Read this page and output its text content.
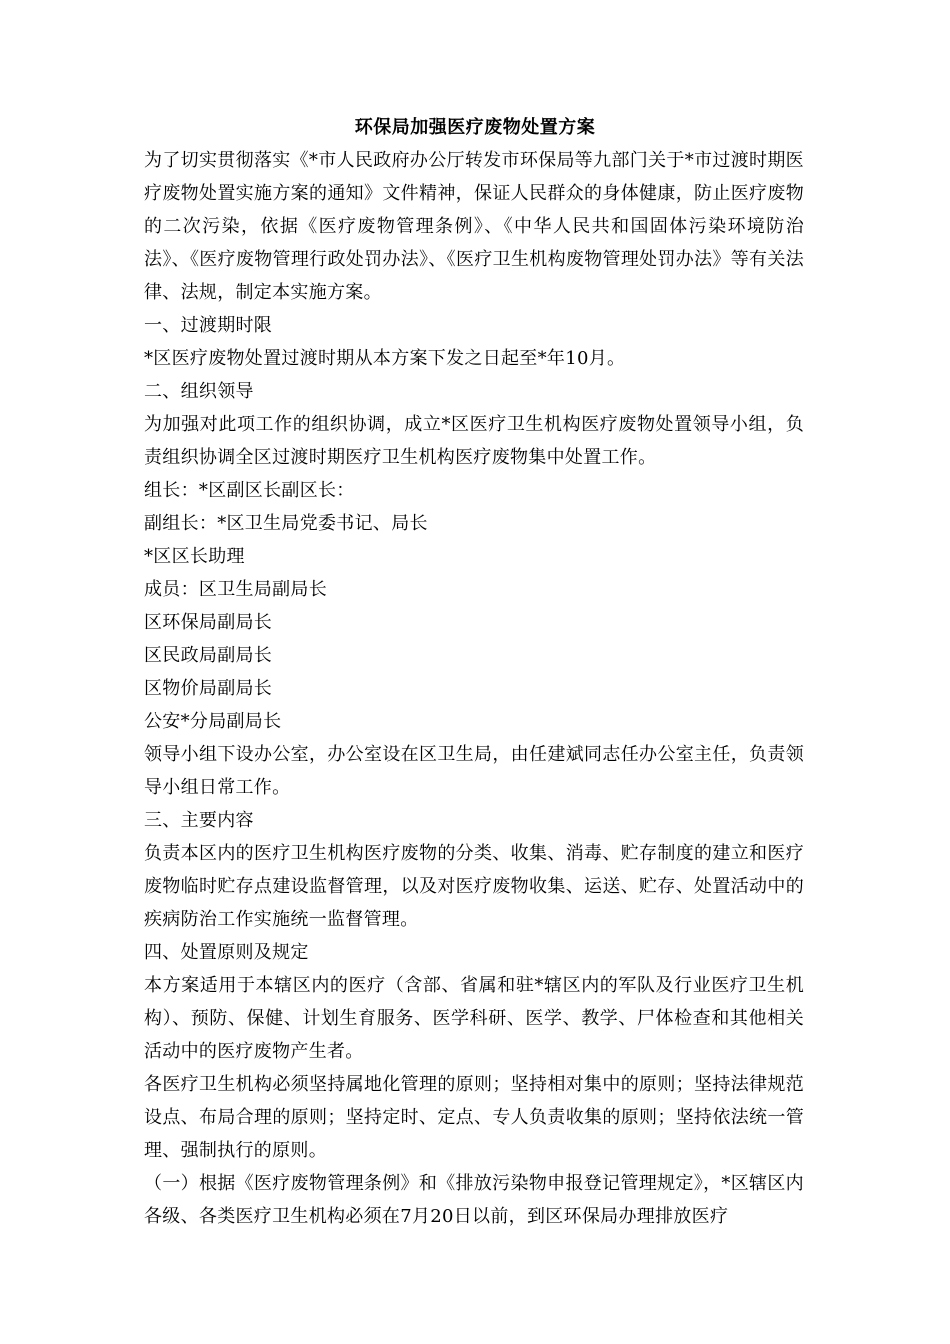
环保局加强医疗废物处置方案

为了切实贯彻落实《*市人民政府办公厅转发市环保局等九部门关于*市过渡时期医疗废物处置实施方案的通知》文件精神，保证人民群众的身体健康，防止医疗废物的二次污染，依据《医疗废物管理条例》、《中华人民共和国固体污染环境防治法》、《医疗废物管理行政处罚办法》、《医疗卫生机构废物管理处罚办法》等有关法律、法规，制定本实施方案。

一、过渡期时限

*区医疗废物处置过渡时期从本方案下发之日起至*年10月。

二、组织领导

为加强对此项工作的组织协调，成立*区医疗卫生机构医疗废物处置领导小组，负责组织协调全区过渡时期医疗卫生机构医疗废物集中处置工作。

组长：*区副区长副区长：

副组长：*区卫生局党委书记、局长

*区区长助理

成员：区卫生局副局长

区环保局副局长

区民政局副局长

区物价局副局长

公安*分局副局长

领导小组下设办公室，办公室设在区卫生局，由任建斌同志任办公室主任，负责领导小组日常工作。

三、主要内容

负责本区内的医疗卫生机构医疗废物的分类、收集、消毒、贮存制度的建立和医疗废物临时贮存点建设监督管理，以及对医疗废物收集、运送、贮存、处置活动中的疾病防治工作实施统一监督管理。

四、处置原则及规定

本方案适用于本辖区内的医疗（含部、省属和驻*辖区内的军队及行业医疗卫生机构）、预防、保健、计划生育服务、医学科研、医学、教学、尸体检查和其他相关活动中的医疗废物产生者。

各医疗卫生机构必须坚持属地化管理的原则；坚持相对集中的原则；坚持法律规范设点、布局合理的原则；坚持定时、定点、专人负责收集的原则；坚持依法统一管理、强制执行的原则。

（一）根据《医疗废物管理条例》和《排放污染物申报登记管理规定》，*区辖区内各级、各类医疗卫生机构必须在7月20日以前，到区环保局办理排放医疗
